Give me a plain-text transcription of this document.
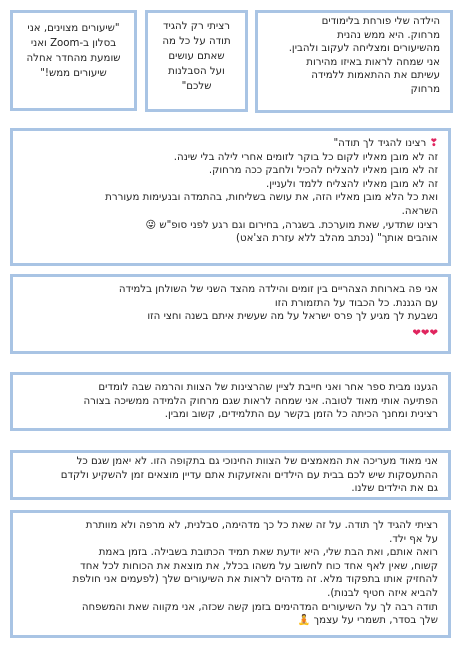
הילדה שלי פורחת בלימודים
מרחוק. היא ממש נהנית
מהשיעורים ומצליחה לעקוב ולהבין.
אני שמחה לראות באיזו מהירות
עשיתם את ההתאמות ללמידה
מרחוק
רציתי רק להגיד
תודה על כל מה
שאתם עושים
ועל הסבלנות
שלכם"
"שיעורים מצוינים, אני
בסלון ב-Zoom ואני
שומעת מהחדר אחלה
שיעורים ממש!"
❣ רצינו להגיד לך תודה"
זה לא מובן מאליו לקום כל בוקר לזומים אחרי לילה בלי שינה.
זה לא מובן מאליו להצליח להכיל ולחבק ככה מרחוק.
זה לא מובן מאליו להצליח ללמד ולעניין.
ואת כל הלא מובן מאליו הזה, את עושה בשליחות, בהתמדה ובנעימות מעוררת
השראה.
רצינו שתדעי, שאת מוערכת. בשגרה, בחירום וגם רגע לפני סופ"ש 😜
אוהבים אותך" (נכתב מהלב ללא עזרת הצ'אט)
אני פה בארוחת הצהריים בין זומים והילדה מהצד השני של השולחן בלמידה
עם הגננת. כל הכבוד על התזמורת הזו
נשבעת לך מגיע לך פרס ישראל על מה שעשית איתם בשנה וחצי הזו
❤❤❤
הגענו מבית ספר אחר ואני חייבת לציין שהרצינות של הצוות והרמה שבה לומדים
הפתיעה אותי מאוד לטובה. אני שמחה לראות שגם מרחוק הלמידה ממשיכה בצורה
רצינית ומחנך הכיתה כל הזמן בקשר עם התלמידים, קשוב ומבין.
אני מאוד מעריכה את המאמצים של הצוות החינוכי גם בתקופה הזו. לא יאמן שגם כל
ההתעסקות שיש לכם בבית עם הילדים והאזעקות אתם עדיין מוצאים זמן להשקיע ולקדם
גם את הילדים שלנו.
רציתי להגיד לך תודה. על זה שאת כל כך מדהימה, סבלנית, לא מרפה ולא מוותרת
על אף ילד.
רואה אותם, ואת הבת שלי, היא יודעת שאת תמיד הכתובת בשבילה. בזמן באמת
קשוח, שאין לאף אחד כוח לחשוב על משהו בכלל, את מוצאת את הכוחות לכל אחד
להחזיק אותו בתפקוד מלא. זה מדהים לראות את השיעורים שלך (לפעמים אני חולפת
להביא איזה חטיף לבנות).
תודה רבה לך על השיעורים המדהימים בזמן קשה שכזה, אני מקווה שאת והמשפחה
שלך בסדר, תשמרי על עצמך 🧘
